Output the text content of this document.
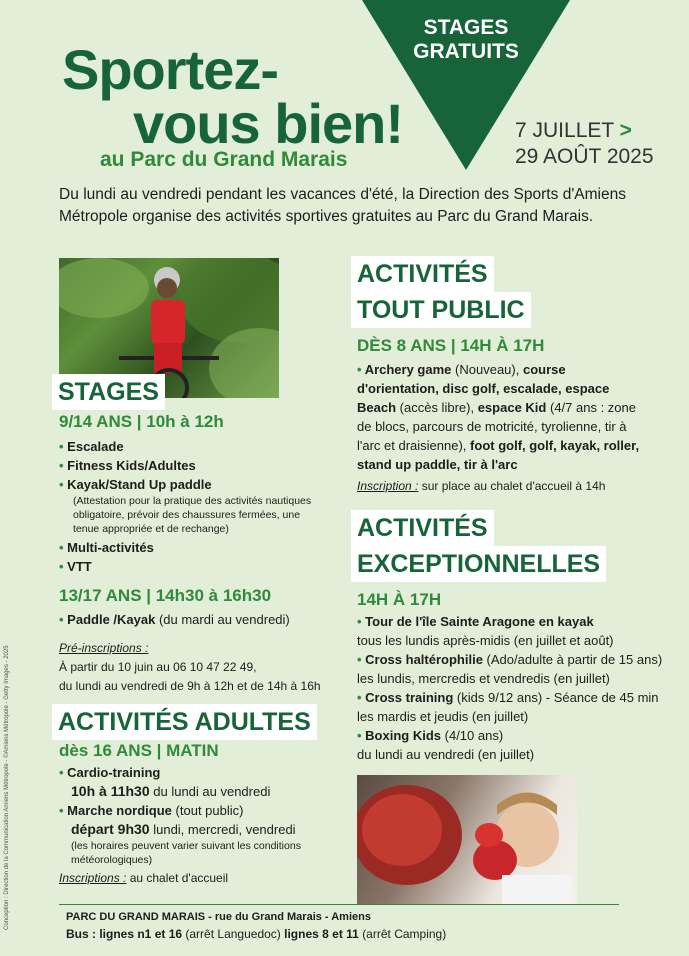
STAGES
GRATUITS
Sportez-
vous bien!
au Parc du Grand Marais
7 JUILLET >
29 AOÛT 2025
Du lundi au vendredi pendant les vacances d'été, la Direction des Sports d'Amiens Métropole organise des activités sportives gratuites au Parc du Grand Marais.
STAGES
9/14 ANS | 10h à 12h
• Escalade
• Fitness Kids/Adultes
• Kayak/Stand Up paddle
(Attestation pour la pratique des activités nautiques obligatoire, prévoir des chaussures fermées, une tenue appropriée et de rechange)
• Multi-activités
• VTT
13/17 ANS | 14h30 à 16h30
• Paddle /Kayak (du mardi au vendredi)
Pré-inscriptions :
À partir du 10 juin au 06 10 47 22 49,
du lundi au vendredi de 9h à 12h et de 14h à 16h
ACTIVITÉS ADULTES
dès 16 ANS | MATIN
• Cardio-training
10h à 11h30 du lundi au vendredi
• Marche nordique (tout public)
départ 9h30 lundi, mercredi, vendredi
(les horaires peuvent varier suivant les conditions météorologiques)
Inscriptions : au chalet d'accueil
ACTIVITÉS
TOUT PUBLIC
DÈS 8 ANS | 14H À 17H
• Archery game (Nouveau), course
d'orientation, disc golf, escalade, espace
Beach (accès libre), espace Kid (4/7 ans : zone
de blocs, parcours de motricité, tyrolienne, tir à
l'arc et draisienne), foot golf, golf, kayak, roller,
stand up paddle, tir à l'arc
Inscription : sur place au chalet d'accueil à 14h
ACTIVITÉS
EXCEPTIONNELLES
14H À 17H
• Tour de l'île Sainte Aragone en kayak
tous les lundis après-midis (en juillet et août)
• Cross haltérophilie (Ado/adulte à partir de 15 ans)
les lundis, mercredis et vendredis (en juillet)
• Cross training (kids 9/12 ans) - Séance de 45 min
les mardis et jeudis (en juillet)
• Boxing Kids (4/10 ans)
du lundi au vendredi (en juillet)
PARC DU GRAND MARAIS - rue du Grand Marais - Amiens
Bus : lignes n1 et 16 (arrêt Languedoc) lignes 8 et 11 (arrêt Camping)
Conception : Direction de la Communication Amiens Métropole - ©Amiens Métropole - Getty Images - 2025
